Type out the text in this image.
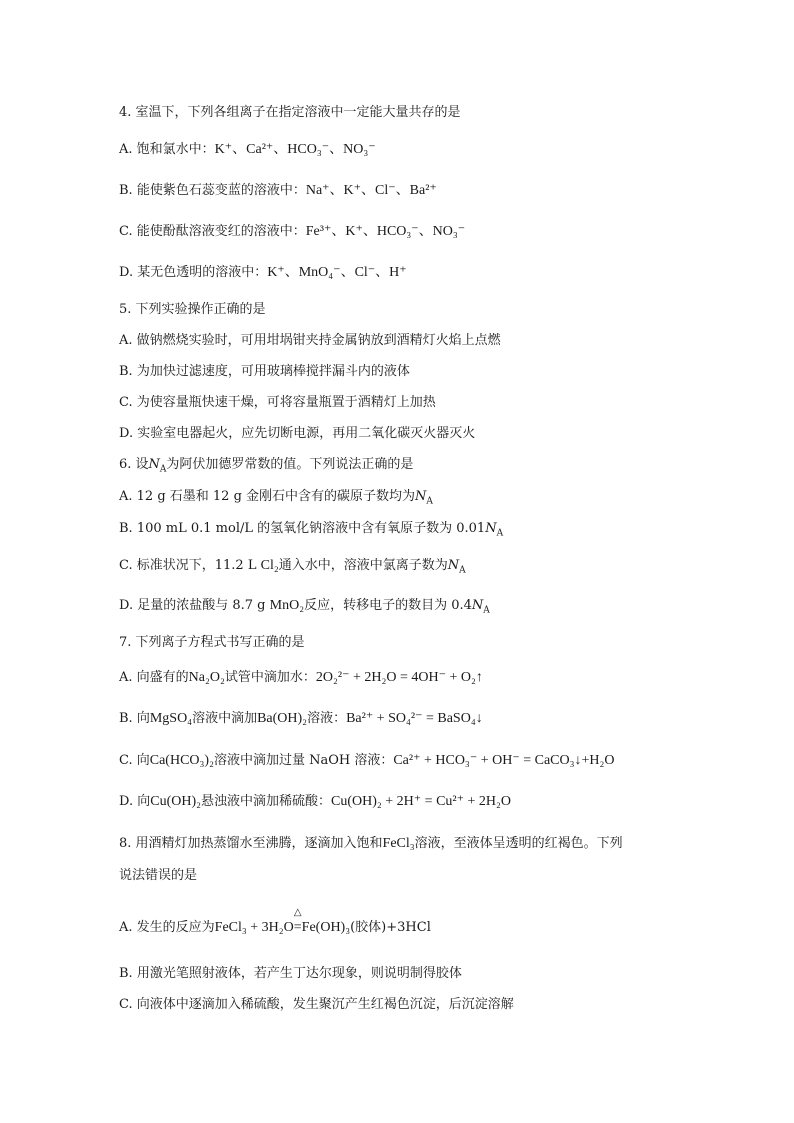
4. 室温下，下列各组离子在指定溶液中一定能大量共存的是
A. 饱和氯水中：K⁺、Ca²⁺、HCO₃⁻、NO₃⁻
B. 能使紫色石蕊变蓝的溶液中：Na⁺、K⁺、Cl⁻、Ba²⁺
C. 能使酚酞溶液变红的溶液中：Fe³⁺、K⁺、HCO₃⁻、NO₃⁻
D. 某无色透明的溶液中：K⁺、MnO₄⁻、Cl⁻、H⁺
5. 下列实验操作正确的是
A. 做钠燃烧实验时，可用坩埚钳夹持金属钠放到酒精灯火焰上点燃
B. 为加快过滤速度，可用玻璃棒搅拌漏斗内的液体
C. 为使容量瓶快速干燥，可将容量瓶置于酒精灯上加热
D. 实验室电器起火，应先切断电源，再用二氧化碳灭火器灭火
6. 设$N_A$为阿伏加德罗常数的值。下列说法正确的是
A. 12 g 石墨和 12 g 金刚石中含有的碳原子数均为$N_A$
B. 100 mL 0.1 mol/L 的氢氧化钠溶液中含有氧原子数为 $0.01N_A$
C. 标准状况下，11.2 L Cl₂通入水中，溶液中氯离子数为$N_A$
D. 足量的浓盐酸与 8.7 g MnO₂反应，转移电子的数目为 $0.4N_A$
7. 下列离子方程式书写正确的是
A. 向盛有的Na₂O₂试管中滴加水：2O₂²⁻ + 2H₂O = 4OH⁻ + O₂↑
B. 向MgSO₄溶液中滴加Ba(OH)₂溶液：Ba²⁺ + SO₄²⁻ = BaSO₄↓
C. 向Ca(HCO₃)₂溶液中滴加过量 NaOH 溶液：Ca²⁺ + HCO₃⁻ + OH⁻ = CaCO₃↓+H₂O
D. 向Cu(OH)₂悬浊液中滴加稀硫酸：Cu(OH)₂ + 2H⁺ = Cu²⁺ + 2H₂O
8. 用酒精灯加热蒸馏水至沸腾，逐滴加入饱和FeCl₃溶液，至液体呈透明的红褐色。下列
说法错误的是
A. 发生的反应为FeCl₃ + 3H₂O
△
=Fe(OH)₃(胶体)+3HCl
B. 用激光笔照射液体，若产生丁达尔现象，则说明制得胶体
C. 向液体中逐滴加入稀硫酸，发生聚沉产生红褐色沉淀，后沉淀溶解
